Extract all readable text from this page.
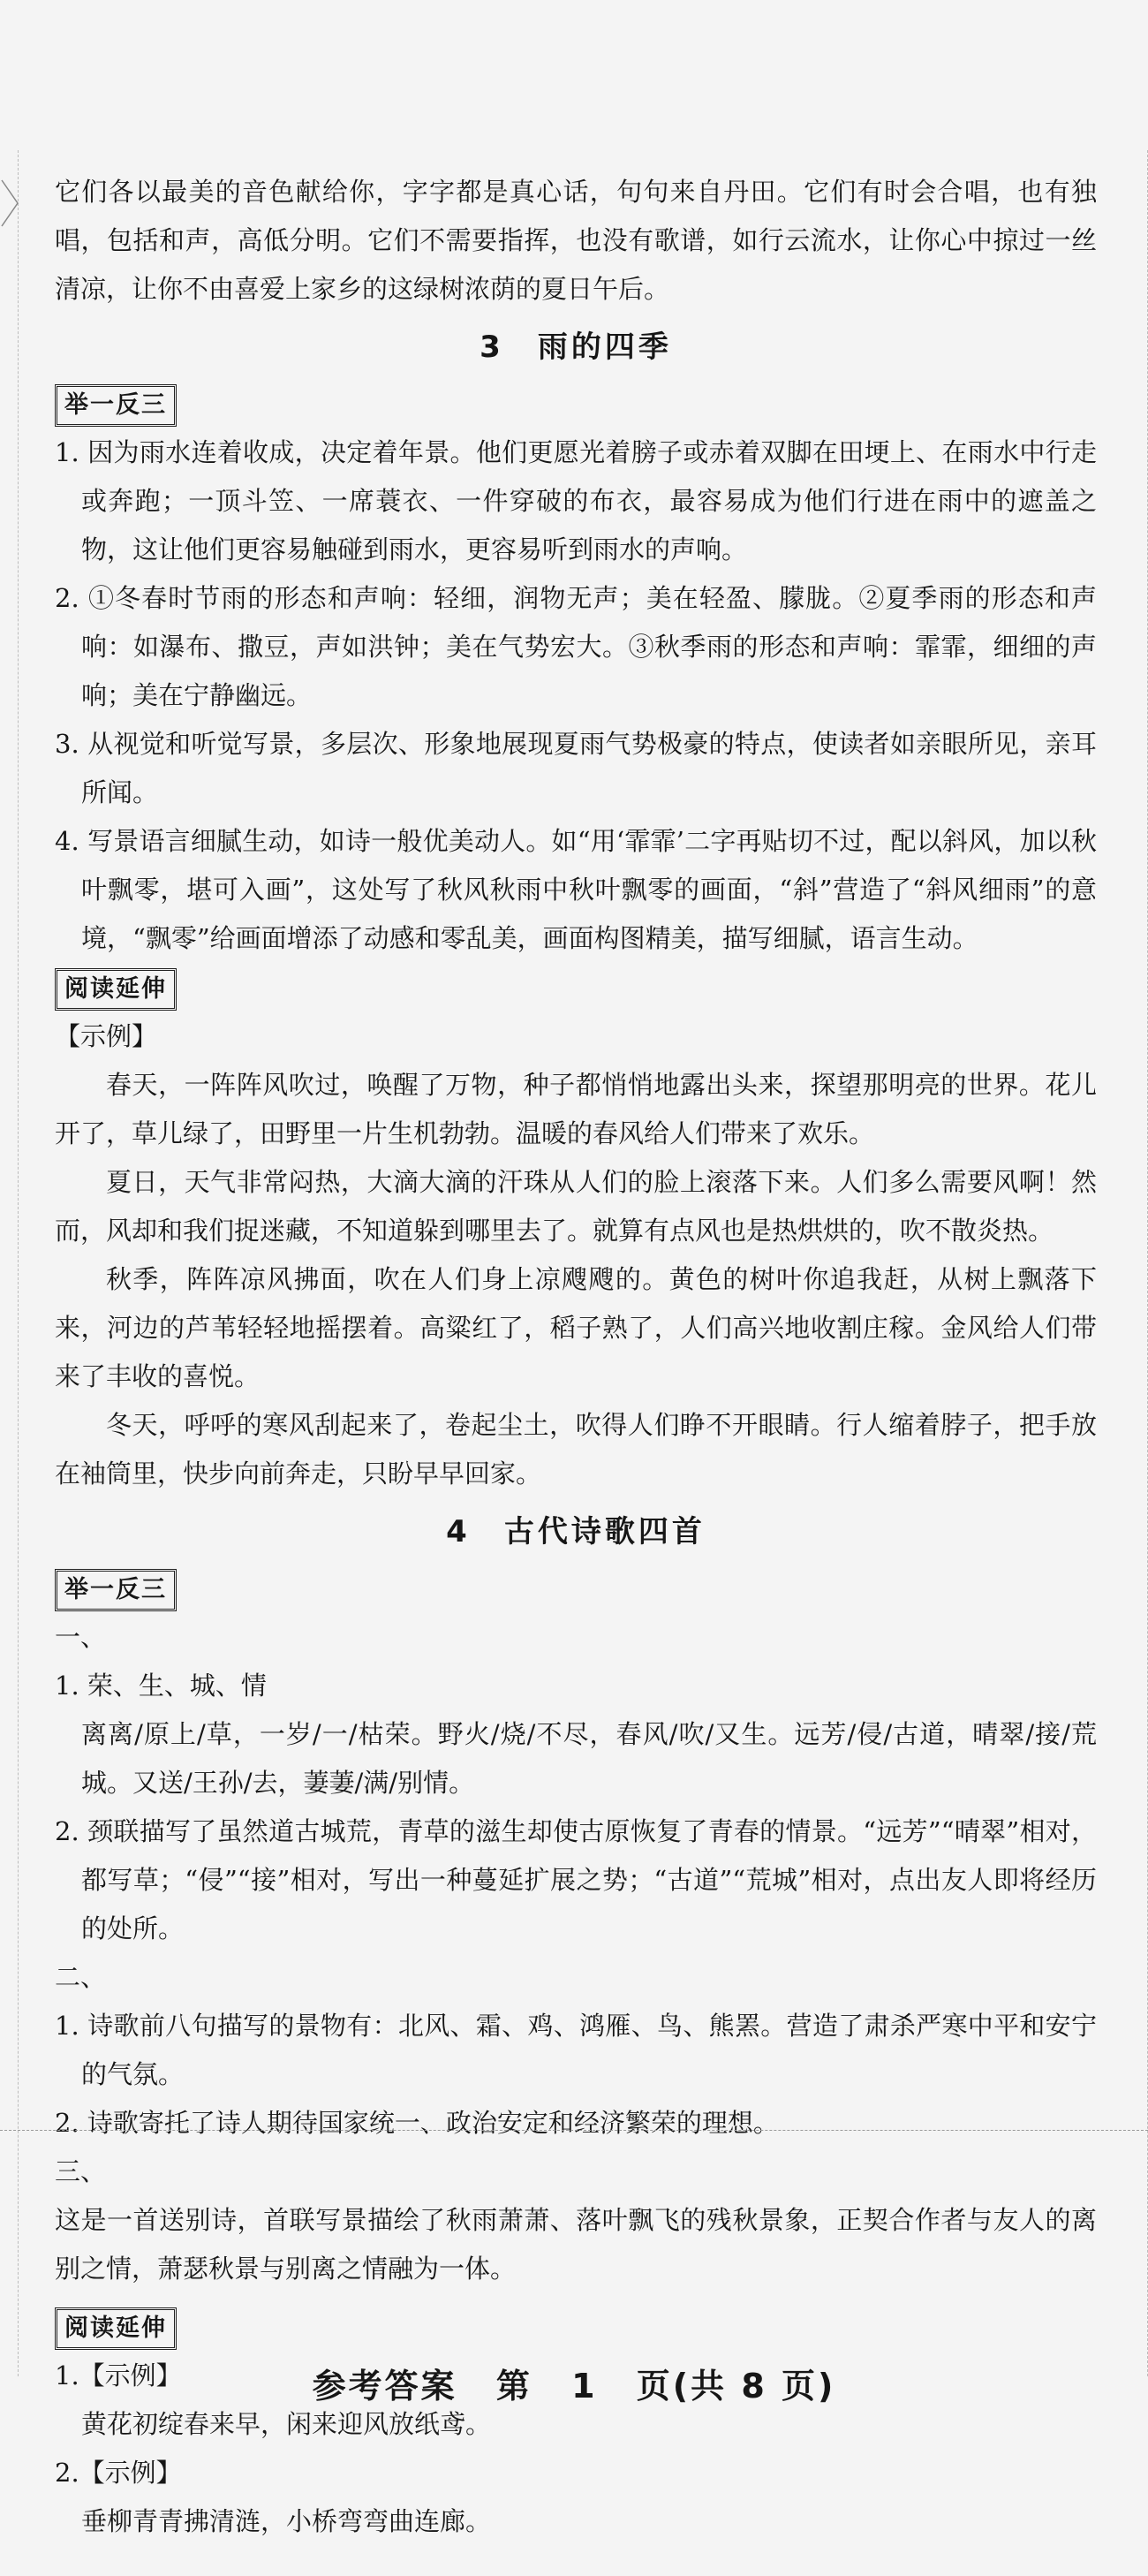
它们各以最美的音色献给你，字字都是真心话，句句来自丹田。它们有时会合唱，也有独唱，包括和声，高低分明。它们不需要指挥，也没有歌谱，如行云流水，让你心中掠过一丝清凉，让你不由喜爱上家乡的这绿树浓荫的夏日午后。

3　雨的四季
举一反三

1. 因为雨水连着收成，决定着年景。他们更愿光着膀子或赤着双脚在田埂上、在雨水中行走或奔跑；一顶斗笠、一席蓑衣、一件穿破的布衣，最容易成为他们行进在雨中的遮盖之物，这让他们更容易触碰到雨水，更容易听到雨水的声响。

2. ①冬春时节雨的形态和声响：轻细，润物无声；美在轻盈、朦胧。②夏季雨的形态和声响：如瀑布、撒豆，声如洪钟；美在气势宏大。③秋季雨的形态和声响：霏霏，细细的声响；美在宁静幽远。

3. 从视觉和听觉写景，多层次、形象地展现夏雨气势极豪的特点，使读者如亲眼所见，亲耳所闻。

4. 写景语言细腻生动，如诗一般优美动人。如“用‘霏霏’二字再贴切不过，配以斜风，加以秋叶飘零，堪可入画”，这处写了秋风秋雨中秋叶飘零的画面，“斜”营造了“斜风细雨”的意境，“飘零”给画面增添了动感和零乱美，画面构图精美，描写细腻，语言生动。

阅读延伸

【示例】

春天，一阵阵风吹过，唤醒了万物，种子都悄悄地露出头来，探望那明亮的世界。花儿开了，草儿绿了，田野里一片生机勃勃。温暖的春风给人们带来了欢乐。

夏日，天气非常闷热，大滴大滴的汗珠从人们的脸上滚落下来。人们多么需要风啊！然而，风却和我们捉迷藏，不知道躲到哪里去了。就算有点风也是热烘烘的，吹不散炎热。

秋季，阵阵凉风拂面，吹在人们身上凉飕飕的。黄色的树叶你追我赶，从树上飘落下来，河边的芦苇轻轻地摇摆着。高粱红了，稻子熟了，人们高兴地收割庄稼。金风给人们带来了丰收的喜悦。

冬天，呼呼的寒风刮起来了，卷起尘土，吹得人们睁不开眼睛。行人缩着脖子，把手放在袖筒里，快步向前奔走，只盼早早回家。

4　古代诗歌四首
举一反三

一、

1. 荣、生、城、情

离离/原上/草，一岁/一/枯荣。野火/烧/不尽，春风/吹/又生。远芳/侵/古道，晴翠/接/荒城。又送/王孙/去，萋萋/满/别情。

2. 颈联描写了虽然道古城荒，青草的滋生却使古原恢复了青春的情景。“远芳”“晴翠”相对，都写草；“侵”“接”相对，写出一种蔓延扩展之势；“古道”“荒城”相对，点出友人即将经历的处所。

二、

1. 诗歌前八句描写的景物有：北风、霜、鸡、鸿雁、鸟、熊罴。营造了肃杀严寒中平和安宁的气氛。

2. 诗歌寄托了诗人期待国家统一、政治安定和经济繁荣的理想。

三、

这是一首送别诗，首联写景描绘了秋雨萧萧、落叶飘飞的残秋景象，正契合作者与友人的离别之情，萧瑟秋景与别离之情融为一体。

阅读延伸

1.【示例】

黄花初绽春来早，闲来迎风放纸鸢。

2.【示例】

垂柳青青拂清涟，小桥弯弯曲连廊。

参考答案 第 1 页(共 8 页)
